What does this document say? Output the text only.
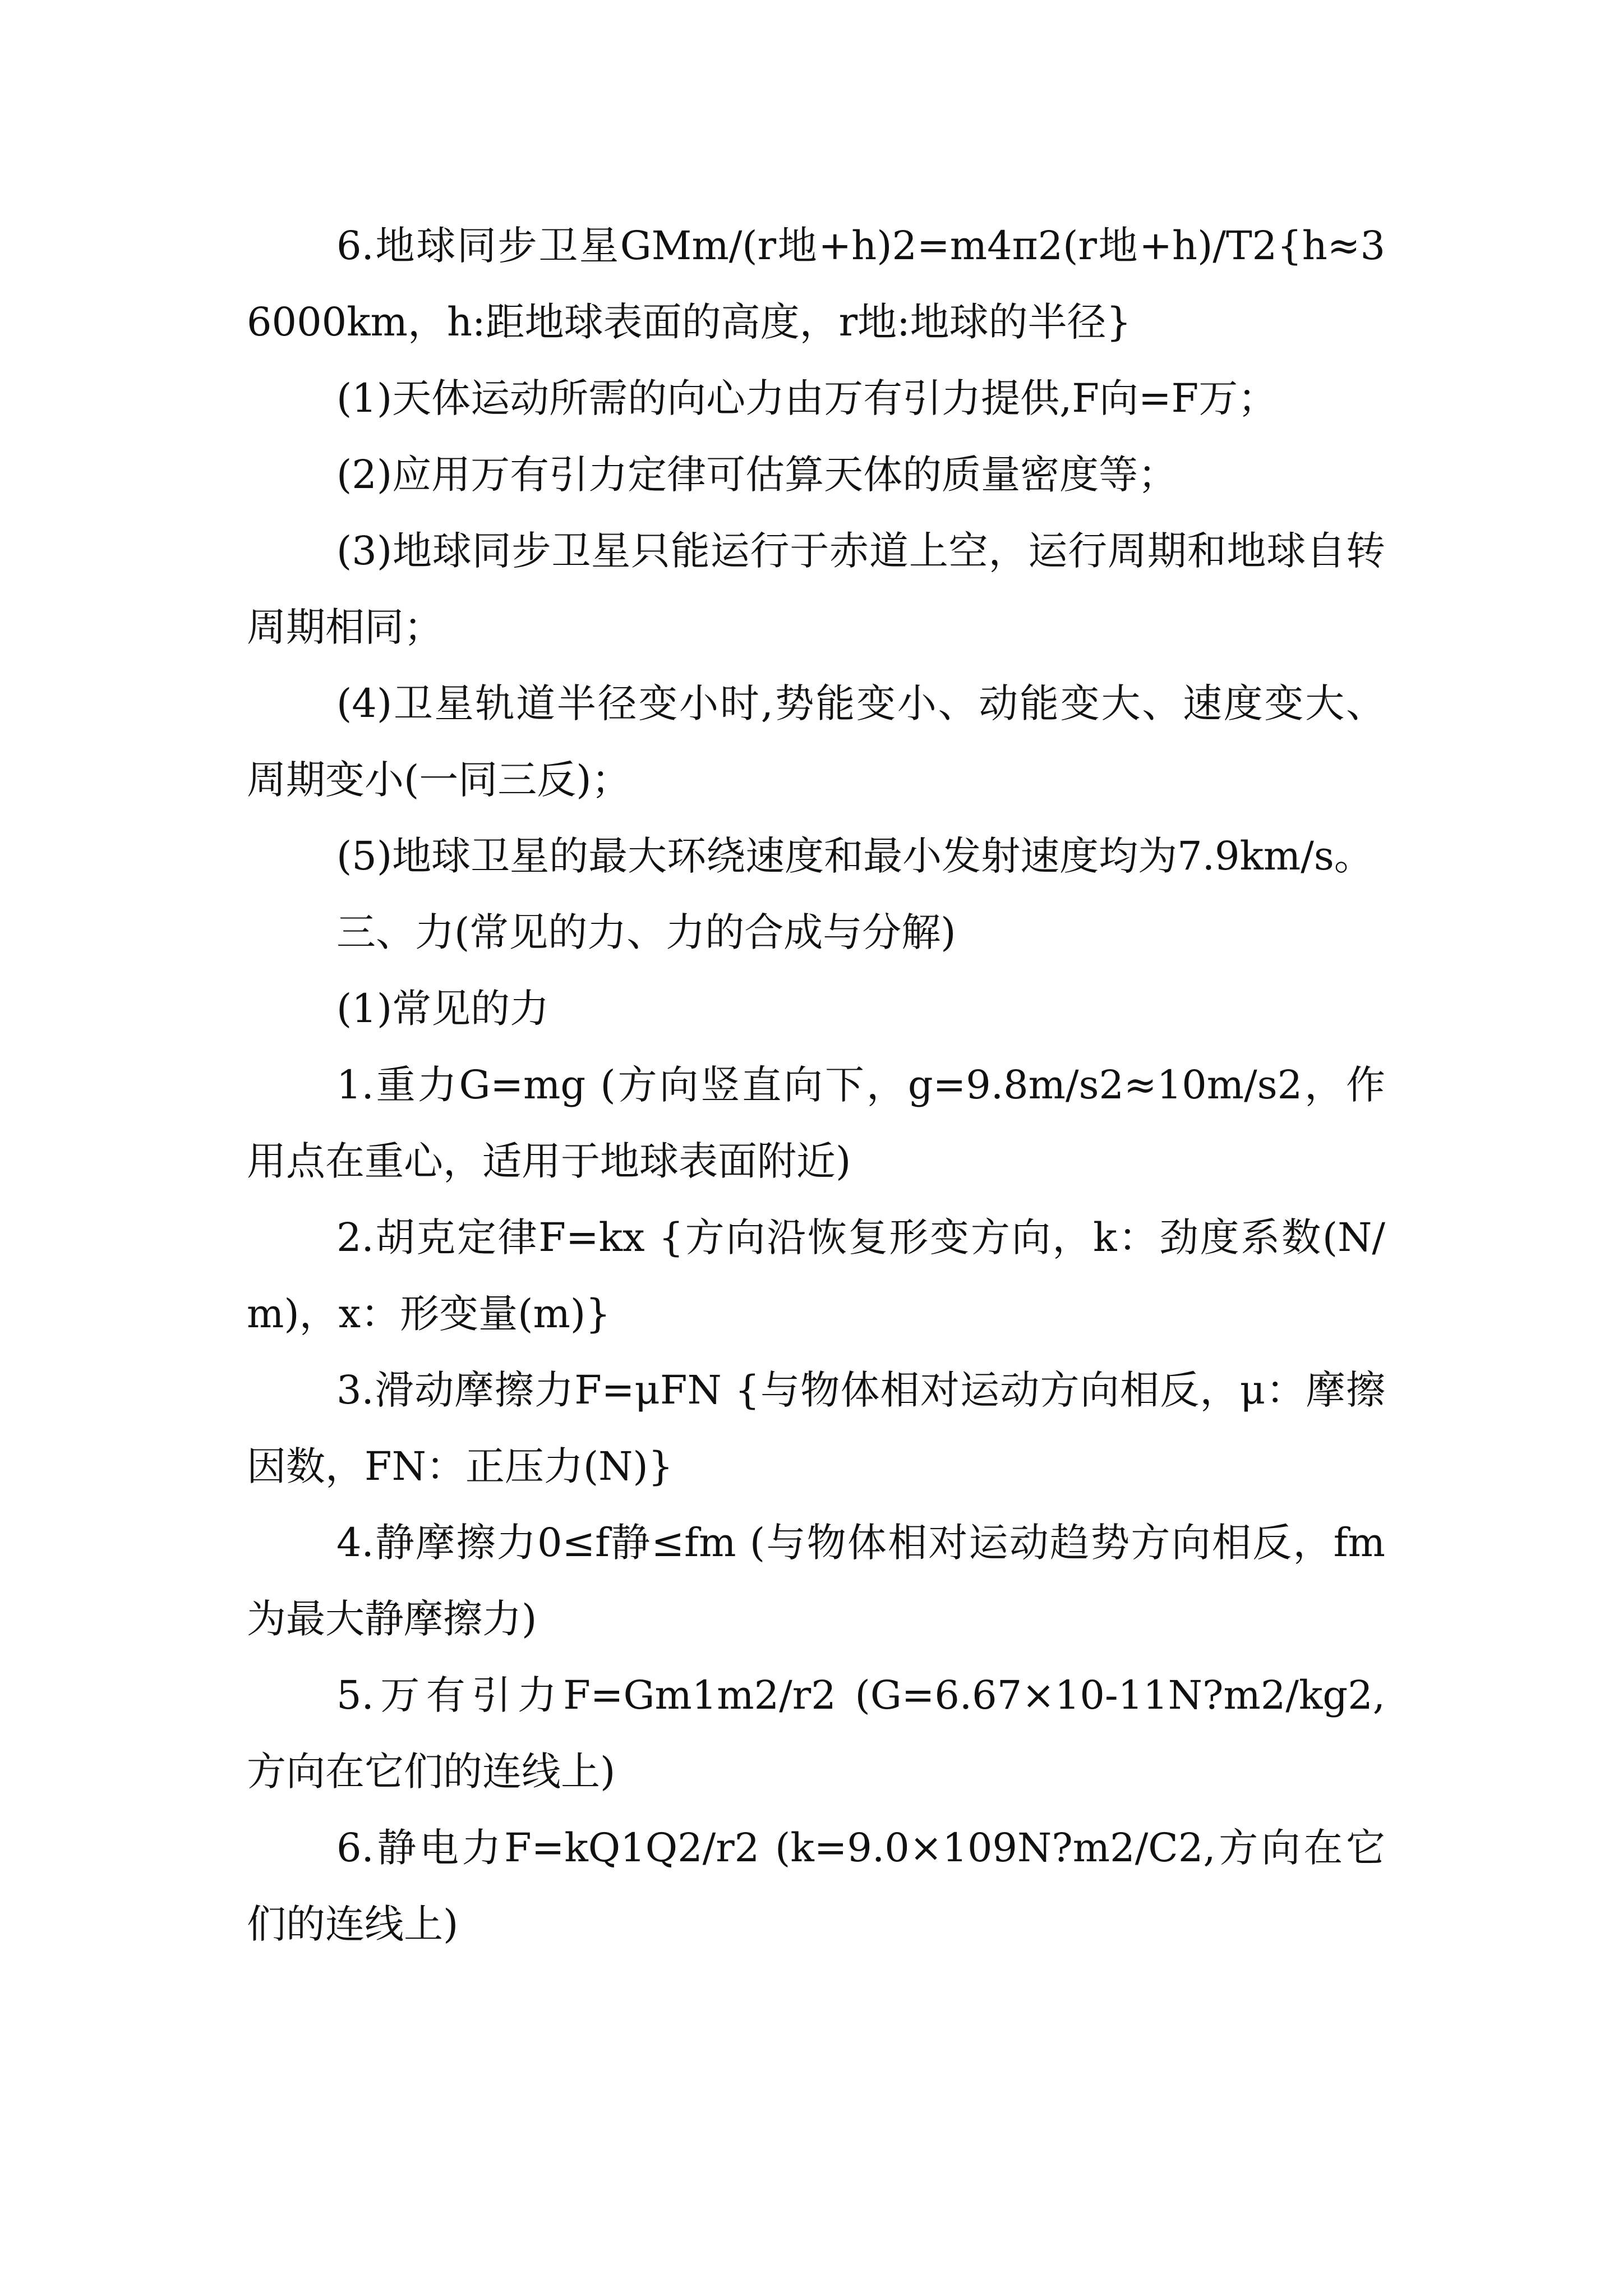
6.地球同步卫星GMm/(r地+h)2=m4π2(r地+h)/T2{h≈36000km，h:距地球表面的高度，r地:地球的半径}

(1)天体运动所需的向心力由万有引力提供,F向=F万；

(2)应用万有引力定律可估算天体的质量密度等；

(3)地球同步卫星只能运行于赤道上空，运行周期和地球自转周期相同；

(4)卫星轨道半径变小时,势能变小、动能变大、速度变大、周期变小(一同三反)；

(5)地球卫星的最大环绕速度和最小发射速度均为7.9km/s。

三、力(常见的力、力的合成与分解)

(1)常见的力

1.重力G=mg (方向竖直向下，g=9.8m/s2≈10m/s2，作用点在重心，适用于地球表面附近)

2.胡克定律F=kx {方向沿恢复形变方向，k：劲度系数(N/m)，x：形变量(m)}

3.滑动摩擦力F=μFN {与物体相对运动方向相反，μ：摩擦因数，FN：正压力(N)}

4.静摩擦力0≤f静≤fm (与物体相对运动趋势方向相反，fm为最大静摩擦力)

5.万有引力F=Gm1m2/r2 (G=6.67×10-11N?m2/kg2,方向在它们的连线上)

6.静电力F=kQ1Q2/r2 (k=9.0×109N?m2/C2,方向在它们的连线上)
